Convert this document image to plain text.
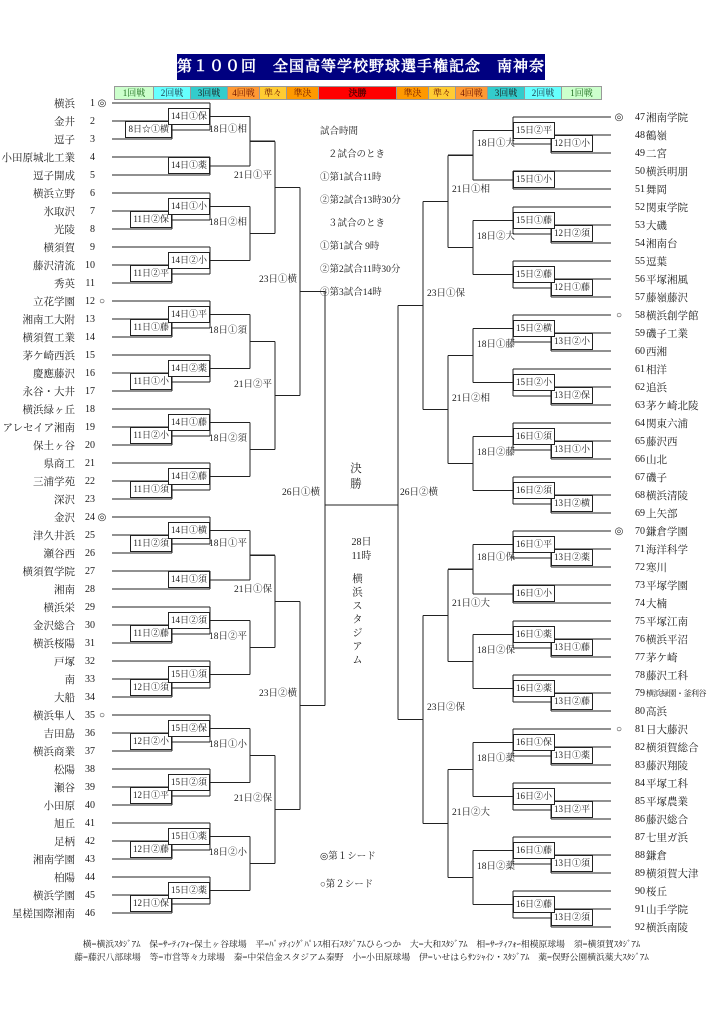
第１００回　全国高等学校野球選手権記念　南神奈川大会
1回戦	2回戦	3回戦	4回戦	準々	準決	決勝	準決	準々	4回戦	3回戦	2回戦	1回戦
横浜	1 ◎
金井	2
逗子	3
小田原城北工業	4
逗子開成	5
横浜立野	6
氷取沢	7
光陵	8
横須賀	9
藤沢清流	10
秀英	11
立花学園	12 ○
湘南工大附	13
横須賀工業	14
茅ケ崎西浜	15
慶應藤沢	16
永谷・大井	17
横浜緑ヶ丘	18
アレセイア湘南	19
保土ヶ谷	20
県商工	21
三浦学苑	22
深沢	23
金沢	24 ◎
津久井浜	25
瀬谷西	26
横須賀学院	27
湘南	28
横浜栄	29
金沢総合	30
横浜桜陽	31
戸塚	32
南	33
大船	34
横浜隼人	35 ○
吉田島	36
横浜商業	37
松陽	38
瀬谷	39
小田原	40
旭丘	41
足柄	42
湘南学園	43
柏陽	44
横浜学園	45
星槎国際湘南	46
8日☆①横
14日①保
14日①薬
18日①相
11日②保
14日①小
11日②平
14日②小
18日②相
21日①平
11日①藤
14日①平
11日①小
14日②薬
18日①須
11日②小
14日①藤
11日①須
14日②藤
18日②須
21日②平
23日①横
11日②須
14日①横
14日①須
18日①平
11日②藤
14日②須
12日①須
15日①須
18日②平
21日①保
12日②小
15日②保
12日①平
15日②須
18日①小
12日②藤
15日①薬
12日①保
15日②薬
18日②小
21日②保
23日②横
◎	47 湘南学院
48 鶴嶺
49 二宮
50 横浜明朋
51 舞岡
52 関東学院
53 大磯
54 湘南台
55 逗葉
56 平塚湘風
57 藤嶺藤沢
○	58 横浜創学館
59 磯子工業
60 西湘
61 相洋
62 追浜
63 茅ケ崎北陵
64 関東六浦
65 藤沢西
66 山北
67 磯子
68 横浜清陵
69 上矢部
◎	70 鎌倉学園
71 海洋科学
72 寒川
73 平塚学園
74 大楠
75 平塚江南
76 横浜平沼
77 茅ケ崎
78 藤沢工科
79 横浜緑園・釜利谷
80 高浜
○	81 日大藤沢
82 横須賀総合
83 藤沢翔陵
84 平塚工科
85 平塚農業
86 藤沢総合
87 七里ガ浜
88 鎌倉
89 横須賀大津
90 桜丘
91 山手学院
92 横浜南陵
12日①小
15日②平
15日①小
18日①大
12日②須
15日①藤
12日①藤
15日②藤
18日②大
21日①相
13日②小
15日②横
13日②保
15日②小
18日①藤
13日①小
16日①須
13日②横
16日②須
18日②藤
21日②相
23日①保
13日②薬
16日①平
16日①小
18日①保
13日①藤
16日①薬
13日②藤
16日②薬
18日②保
21日①大
13日①薬
16日①保
13日②平
16日②小
18日①薬
13日①須
16日①藤
13日②須
16日②藤
18日②薬
21日②大
23日②保
26日①横	26日②横
試合時間
２試合のとき
①第1試合11時
②第2試合13時30分
３試合のとき
①第1試合 9時
②第2試合11時30分
③第3試合14時
決勝
28日
11時
横浜スタジアム
◎第１シード
○第２シード
横=横浜ｽﾀｼﾞｱﾑ　保=ｻｰﾃｨﾌｫｰ保土ヶ谷球場　平=ﾊﾞｯﾃｨﾝｸﾞﾊﾟﾚｽ相石ｽﾀｼﾞｱﾑひらつか　大=大和ｽﾀｼﾞｱﾑ　相=ｻｰﾃｨﾌｫｰ相模原球場　須=横須賀ｽﾀｼﾞｱﾑ
藤=藤沢八部球場　等=市営等々力球場　秦=中栄信金スタジアム秦野　小=小田原球場　伊=いせはらｻﾝｼｬｲﾝ・ｽﾀｼﾞｱﾑ　薬=俣野公園横浜薬大ｽﾀｼﾞｱﾑ
